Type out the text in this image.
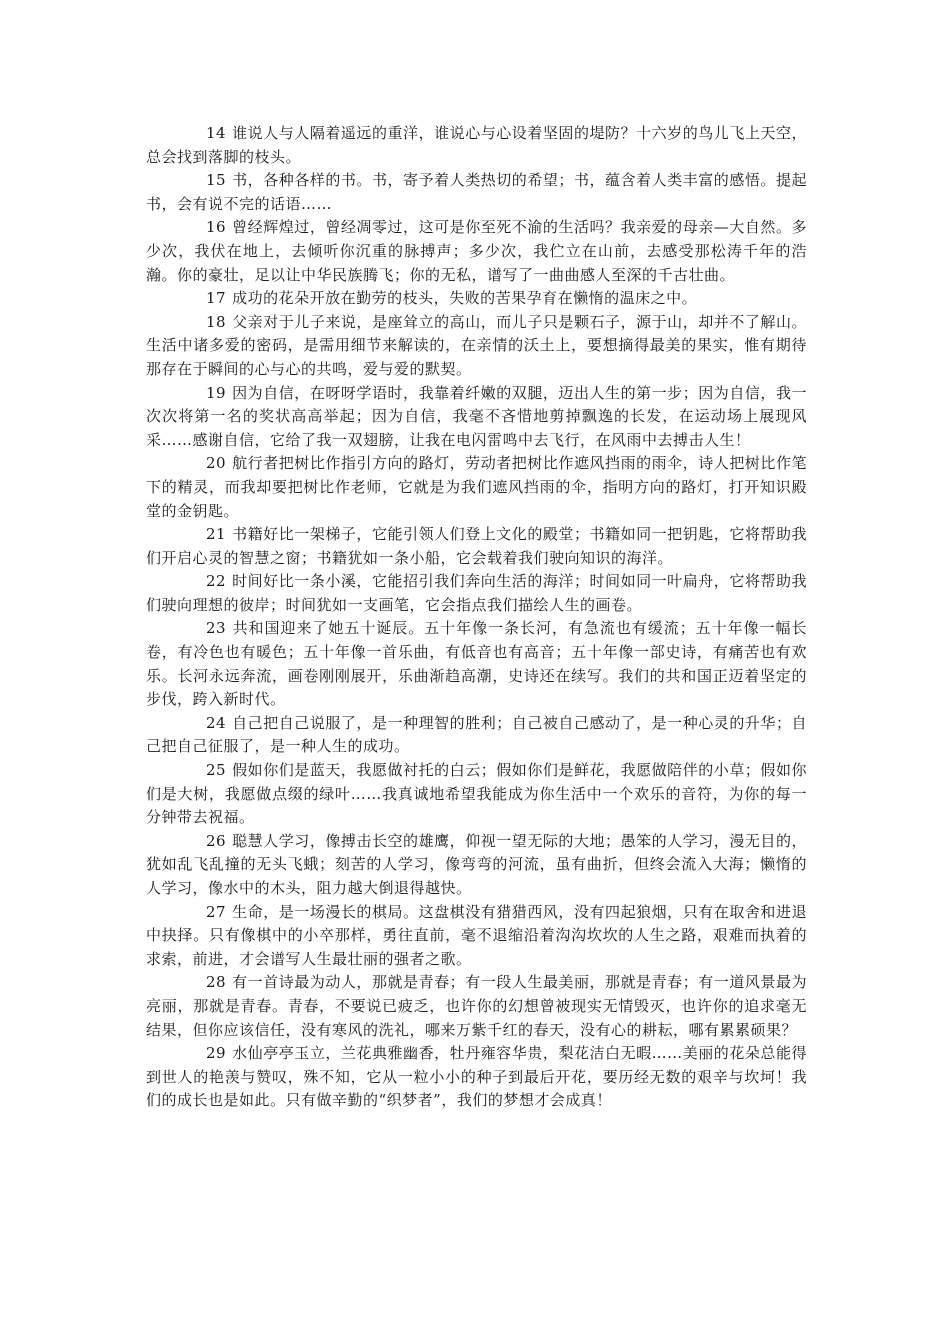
14 谁说人与人隔着遥远的重洋，谁说心与心设着坚固的堤防？十六岁的鸟儿飞上天空，总会找到落脚的枝头。

15 书，各种各样的书。书，寄予着人类热切的希望；书，蕴含着人类丰富的感悟。提起书，会有说不完的话语……

16 曾经辉煌过，曾经凋零过，这可是你至死不渝的生活吗？我亲爱的母亲—大自然。多少次，我伏在地上，去倾听你沉重的脉搏声；多少次，我伫立在山前，去感受那松涛千年的浩瀚。你的豪壮，足以让中华民族腾飞；你的无私，谱写了一曲曲感人至深的千古壮曲。

17 成功的花朵开放在勤劳的枝头，失败的苦果孕育在懒惰的温床之中。

18 父亲对于儿子来说，是座耸立的高山，而儿子只是颗石子，源于山，却并不了解山。生活中诸多爱的密码，是需用细节来解读的，在亲情的沃土上，要想摘得最美的果实，惟有期待那存在于瞬间的心与心的共鸣，爱与爱的默契。

19 因为自信，在呀呀学语时，我靠着纤嫩的双腿，迈出人生的第一步；因为自信，我一次次将第一名的奖状高高举起；因为自信，我毫不吝惜地剪掉飘逸的长发，在运动场上展现风采……感谢自信，它给了我一双翅膀，让我在电闪雷鸣中去飞行，在风雨中去搏击人生！

20 航行者把树比作指引方向的路灯，劳动者把树比作遮风挡雨的雨伞，诗人把树比作笔下的精灵，而我却要把树比作老师，它就是为我们遮风挡雨的伞，指明方向的路灯，打开知识殿堂的金钥匙。

21 书籍好比一架梯子，它能引领人们登上文化的殿堂；书籍如同一把钥匙，它将帮助我们开启心灵的智慧之窗；书籍犹如一条小船，它会载着我们驶向知识的海洋。

22 时间好比一条小溪，它能招引我们奔向生活的海洋；时间如同一叶扁舟，它将帮助我们驶向理想的彼岸；时间犹如一支画笔，它会指点我们描绘人生的画卷。

23 共和国迎来了她五十诞辰。五十年像一条长河，有急流也有缓流；五十年像一幅长卷，有冷色也有暖色；五十年像一首乐曲，有低音也有高音；五十年像一部史诗，有痛苦也有欢乐。长河永远奔流，画卷刚刚展开，乐曲渐趋高潮，史诗还在续写。我们的共和国正迈着坚定的步伐，跨入新时代。

24 自己把自己说服了，是一种理智的胜利；自己被自己感动了，是一种心灵的升华；自己把自己征服了，是一种人生的成功。

25 假如你们是蓝天，我愿做衬托的白云；假如你们是鲜花，我愿做陪伴的小草；假如你们是大树，我愿做点缀的绿叶……我真诚地希望我能成为你生活中一个欢乐的音符，为你的每一分钟带去祝福。

26 聪慧人学习，像搏击长空的雄鹰，仰视一望无际的大地；愚笨的人学习，漫无目的，犹如乱飞乱撞的无头飞蛾；刻苦的人学习，像弯弯的河流，虽有曲折，但终会流入大海；懒惰的人学习，像水中的木头，阻力越大倒退得越快。

27 生命，是一场漫长的棋局。这盘棋没有猎猎西风，没有四起狼烟，只有在取舍和进退中抉择。只有像棋中的小卒那样，勇往直前，毫不退缩沿着沟沟坎坎的人生之路，艰难而执着的求索，前进，才会谱写人生最壮丽的强者之歌。

28 有一首诗最为动人，那就是青春；有一段人生最美丽，那就是青春；有一道风景最为亮丽，那就是青春。青春，不要说已疲乏，也许你的幻想曾被现实无情毁灭，也许你的追求毫无结果，但你应该信任，没有寒风的洗礼，哪来万紫千红的春天，没有心的耕耘，哪有累累硕果？

29 水仙亭亭玉立，兰花典雅幽香，牡丹雍容华贵，梨花洁白无暇……美丽的花朵总能得到世人的艳羡与赞叹，殊不知，它从一粒小小的种子到最后开花，要历经无数的艰辛与坎坷！我们的成长也是如此。只有做辛勤的“织梦者”，我们的梦想才会成真！
